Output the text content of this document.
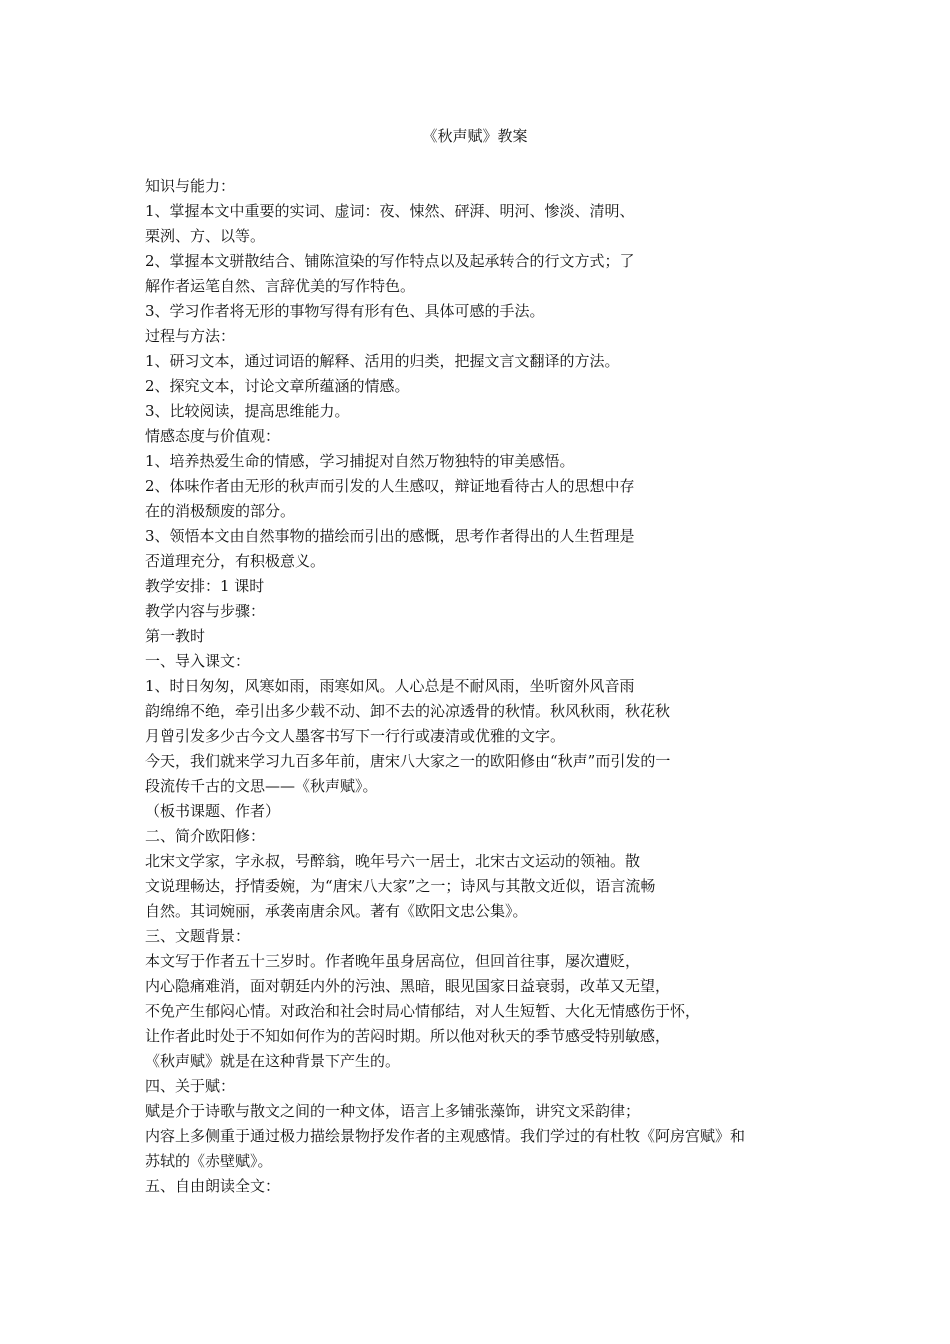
《秋声赋》教案
知识与能力：
1、掌握本文中重要的实词、虚词：夜、悚然、砰湃、明河、惨淡、清明、
栗洌、方、以等。
2、掌握本文骈散结合、铺陈渲染的写作特点以及起承转合的行文方式；了
解作者运笔自然、言辞优美的写作特色。
3、学习作者将无形的事物写得有形有色、具体可感的手法。
过程与方法：
1、研习文本，通过词语的解释、活用的归类，把握文言文翻译的方法。
2、探究文本，讨论文章所蕴涵的情感。
3、比较阅读，提高思维能力。
情感态度与价值观：
1、培养热爱生命的情感，学习捕捉对自然万物独特的审美感悟。
2、体味作者由无形的秋声而引发的人生感叹，辩证地看待古人的思想中存
在的消极颓废的部分。
3、领悟本文由自然事物的描绘而引出的感慨，思考作者得出的人生哲理是
否道理充分，有积极意义。
教学安排：1 课时
教学内容与步骤：
第一教时
一、导入课文：
1、时日匆匆，风寒如雨，雨寒如风。人心总是不耐风雨，坐听窗外风音雨
韵绵绵不绝，牵引出多少载不动、卸不去的沁凉透骨的秋情。秋风秋雨，秋花秋
月曾引发多少古今文人墨客书写下一行行或凄清或优雅的文字。
今天，我们就来学习九百多年前，唐宋八大家之一的欧阳修由“秋声”而引发的一
段流传千古的文思——《秋声赋》。
（板书课题、作者）
二、简介欧阳修：
北宋文学家，字永叔，号醉翁，晚年号六一居士，北宋古文运动的领袖。散
文说理畅达，抒情委婉，为“唐宋八大家”之一；诗风与其散文近似，语言流畅
自然。其词婉丽，承袭南唐余风。著有《欧阳文忠公集》。
三、文题背景：
本文写于作者五十三岁时。作者晚年虽身居高位，但回首往事，屡次遭贬，
内心隐痛难消，面对朝廷内外的污浊、黑暗，眼见国家日益衰弱，改革又无望，
不免产生郁闷心情。对政治和社会时局心情郁结，对人生短暂、大化无情感伤于怀，
让作者此时处于不知如何作为的苦闷时期。所以他对秋天的季节感受特别敏感，
《秋声赋》就是在这种背景下产生的。
四、关于赋：
赋是介于诗歌与散文之间的一种文体，语言上多铺张藻饰，讲究文采韵律；
内容上多侧重于通过极力描绘景物抒发作者的主观感情。我们学过的有杜牧《阿房宫赋》和
苏轼的《赤壁赋》。
五、自由朗读全文：
